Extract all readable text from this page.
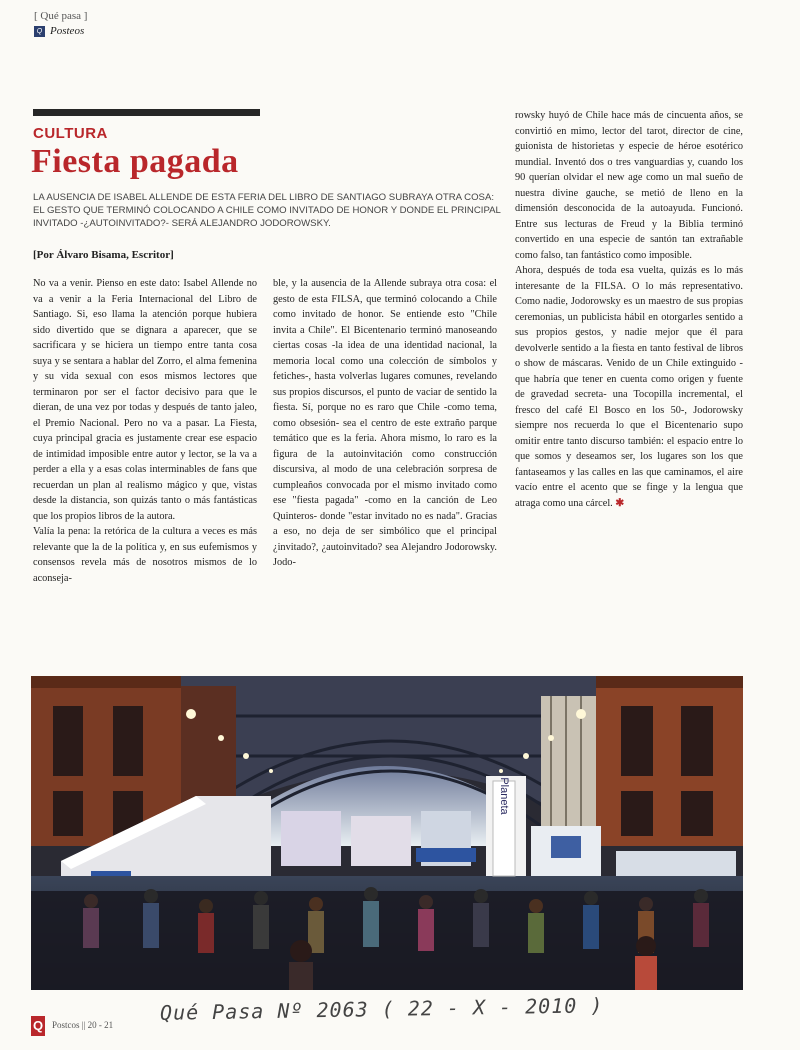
[ Qué pasa ]
Q Posteos
CULTURA
Fiesta pagada
LA AUSENCIA DE ISABEL ALLENDE DE ESTA FERIA DEL LIBRO DE SANTIAGO SUBRAYA OTRA COSA: EL GESTO QUE TERMINÓ COLOCANDO A CHILE COMO INVITADO DE HONOR Y DONDE EL PRINCIPAL INVITADO -¿AUTOINVITADO?- SERÁ ALEJANDRO JODOROWSKY.
[Por Álvaro Bisama, Escritor]

No va a venir. Pienso en este dato: Isabel Allende no va a venir a la Feria Internacional del Libro de Santiago. Si, eso llama la atención porque hubiera sido divertido que se dignara a aparecer, que se sacrificara y se hiciera un tiempo entre tanta cosa suya y se sentara a hablar del Zorro, el alma femenina y su vida sexual con esos mismos lectores que terminaron por ser el factor decisivo para que le dieran, de una vez por todas y después de tanto jaleo, el Premio Nacional. Pero no va a pasar. La Fiesta, cuya principal gracia es justamente crear ese espacio de intimidad imposible entre autor y lector, se la va a perder a ella y a esas colas interminables de fans que recuerdan un plan al realismo mágico y que, vistas desde la distancia, son quizás tanto o más fantásticas que los propios libros de la autora.

Valía la pena: la retórica de la cultura a veces es más relevante que la de la política y, en sus eufemismos y consensos revela más de nosotros mismos de lo aconseja-

ble, y la ausencia de la Allende subraya otra cosa: el gesto de esta FILSA, que terminó colocando a Chile como invitado de honor. Se entiende esto "Chile invita a Chile". El Bicentenario terminó manoseando ciertas cosas -la idea de una identidad nacional, la memoria local como una colección de símbolos y fetiches-, hasta volverlas lugares comunes, revelando sus propios discursos, el punto de vaciar de sentido la fiesta. Sí, porque no es raro que Chile -como tema, como obsesión- sea el centro de este extraño parque temático que es la feria. Ahora mismo, lo raro es la figura de la autoinvitación como construcción discursiva, al modo de una celebración sorpresa de cumpleaños convocada por el mismo invitado como ese "fiesta pagada" -como en la canción de Leo Quinteros- donde "estar invitado no es nada". Gracias a eso, no deja de ser simbólico que el principal ¿invitado?, ¿autoinvitado? sea Alejandro Jodorowsky. Jodo-

rowsky huyó de Chile hace más de cincuenta años, se convirtió en mimo, lector del tarot, director de cine, guionista de historietas y especie de héroe esotérico mundial. Inventó dos o tres vanguardias y, cuando los 90 querían olvidar el new age como un mal sueño de nuestra divine gauche, se metió de lleno en la dimensión desconocida de la autoayuda. Funcionó. Entre sus lecturas de Freud y la Biblia terminó convertido en una especie de santón tan extrañable como falso, tan fantástico como imposible.

Ahora, después de toda esa vuelta, quizás es lo más interesante de la FILSA. O lo más representativo. Como nadie, Jodorowsky es un maestro de sus propias ceremonias, un publicista hábil en otorgarles sentido a sus propios gestos, y nadie mejor que él para devolverle sentido a la fiesta en tanto festival de libros o show de máscaras. Venido de un Chile extinguido -que habría que tener en cuenta como origen y fuente de gravedad secreta- una Tocopilla incremental, el fresco del café El Bosco en los 50-, Jodorowsky siempre nos recuerda lo que el Bicentenario supo omitir entre tanto discurso también: el espacio entre lo que somos y deseamos ser, los lugares son los que fantaseamos y las calles en las que caminamos, el aire vacío entre el acento que se finge y la lengua que atraga como una cárcel. ✱

Planeta
Qué Pasa Nº 2063 ( 22 - X - 2010 )
Q Postcos || 20 - 21
